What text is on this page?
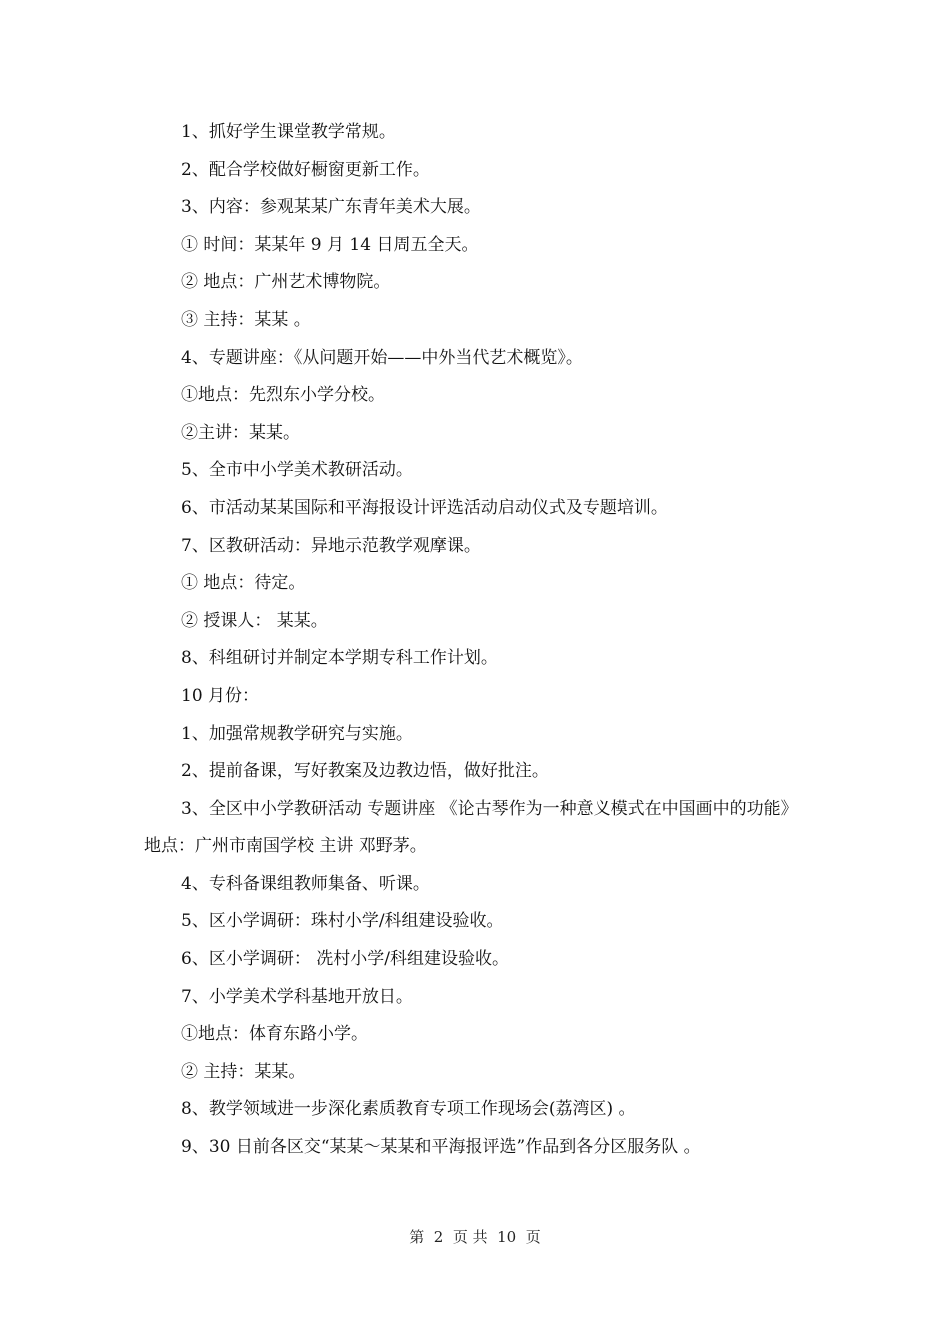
1、抓好学生课堂教学常规。

2、配合学校做好橱窗更新工作。

3、内容：参观某某广东青年美术大展。

① 时间：某某年 9 月 14 日周五全天。

② 地点：广州艺术博物院。

③ 主持：某某 。

4、专题讲座：《从问题开始——中外当代艺术概览》。

①地点：先烈东小学分校。

②主讲：某某。

5、全市中小学美术教研活动。

6、市活动某某国际和平海报设计评选活动启动仪式及专题培训。

7、区教研活动：异地示范教学观摩课。

① 地点：待定。

② 授课人： 某某。

8、科组研讨并制定本学期专科工作计划。

10 月份：

1、加强常规教学研究与实施。

2、提前备课，写好教案及边教边悟，做好批注。

3、全区中小学教研活动 专题讲座 《论古琴作为一种意义模式在中国画中的功能》 地点：广州市南国学校 主讲 邓野茅。

4、专科备课组教师集备、听课。

5、区小学调研：珠村小学/科组建设验收。

6、区小学调研： 冼村小学/科组建设验收。

7、小学美术学科基地开放日。

①地点：体育东路小学。

② 主持：某某。

8、教学领域进一步深化素质教育专项工作现场会(荔湾区) 。

9、30 日前各区交“某某～某某和平海报评选”作品到各分区服务队 。

第  2  页 共  10  页
